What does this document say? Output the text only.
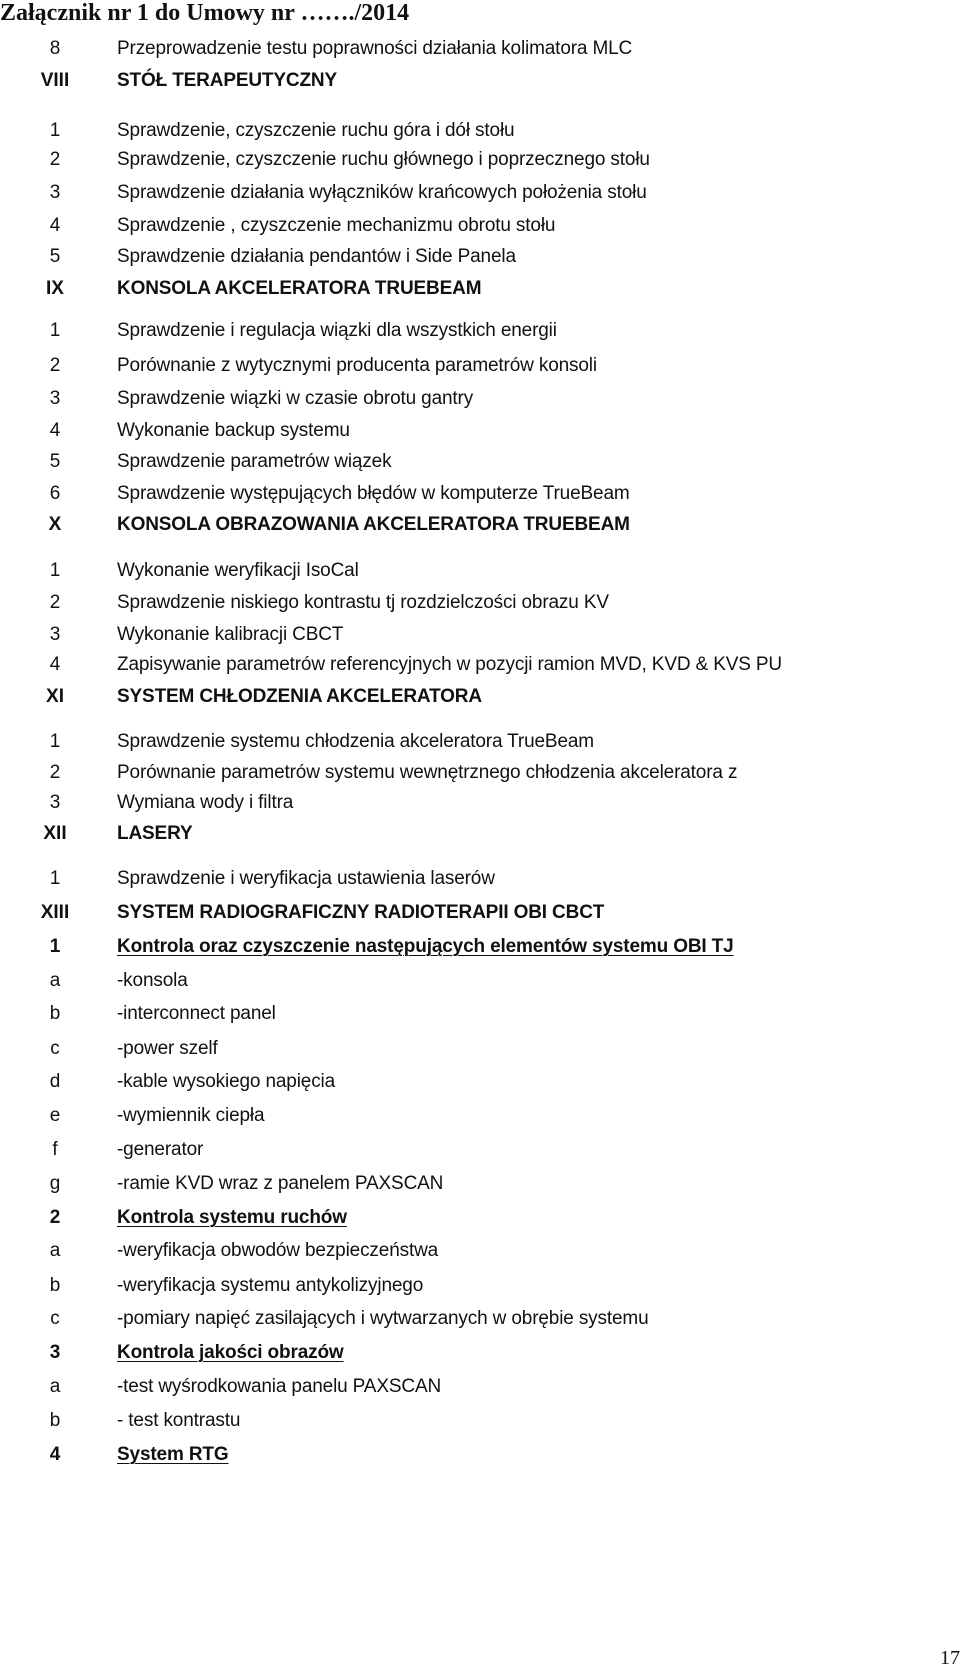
Załącznik nr 1 do Umowy nr ……./2014
8	Przeprowadzenie testu poprawności działania kolimatora MLC
VIII	STÓŁ TERAPEUTYCZNY
1	Sprawdzenie, czyszczenie ruchu góra i dół stołu
2	Sprawdzenie, czyszczenie ruchu głównego i poprzecznego stołu
3	Sprawdzenie działania wyłączników krańcowych położenia stołu
4	Sprawdzenie , czyszczenie mechanizmu obrotu stołu
5	Sprawdzenie działania pendantów i Side Panela
IX	KONSOLA AKCELERATORA TRUEBEAM
1	Sprawdzenie i regulacja wiązki dla wszystkich energii
2	Porównanie z wytycznymi producenta parametrów konsoli
3	Sprawdzenie wiązki w czasie obrotu gantry
4	Wykonanie backup systemu
5	Sprawdzenie parametrów wiązek
6	Sprawdzenie występujących błędów w komputerze TrueBeam
X	KONSOLA OBRAZOWANIA AKCELERATORA TRUEBEAM
1	Wykonanie weryfikacji IsoCal
2	Sprawdzenie niskiego kontrastu tj rozdzielczości obrazu KV
3	Wykonanie kalibracji CBCT
4	Zapisywanie parametrów referencyjnych w pozycji ramion MVD, KVD & KVS PU
XI	SYSTEM CHŁODZENIA AKCELERATORA
1	Sprawdzenie systemu chłodzenia akceleratora TrueBeam
2	Porównanie parametrów systemu wewnętrznego chłodzenia akceleratora z
3	Wymiana wody i filtra
XII	LASERY
1	Sprawdzenie i weryfikacja ustawienia laserów
XIII	SYSTEM RADIOGRAFICZNY RADIOTERAPII OBI CBCT
1	Kontrola oraz czyszczenie następujących elementów systemu OBI TJ
a	-konsola
b	-interconnect panel
c	-power szelf
d	-kable wysokiego napięcia
e	-wymiennik ciepła
f	-generator
g	-ramie KVD wraz z panelem PAXSCAN
2	Kontrola systemu ruchów
a	-weryfikacja obwodów bezpieczeństwa
b	-weryfikacja systemu antykolizyjnego
c	-pomiary napięć zasilających i wytwarzanych w obrębie systemu
3	Kontrola jakości obrazów
a	-test wyśrodkowania panelu PAXSCAN
b	- test kontrastu
4	System RTG
17
